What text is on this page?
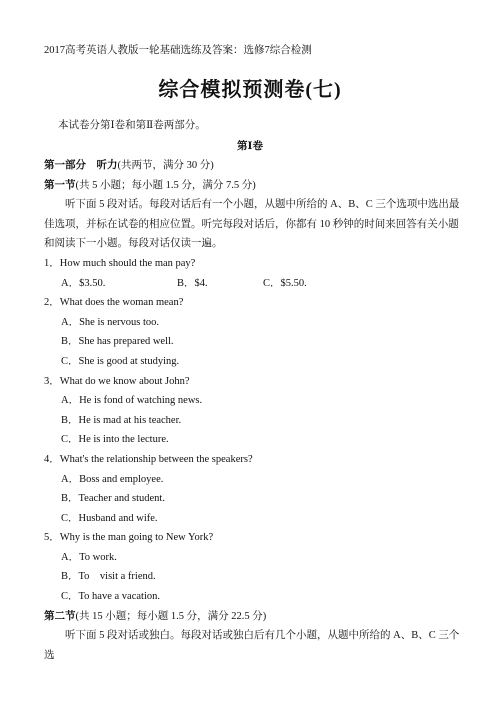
2017高考英语人教版一轮基础选练及答案：选修7综合检测
综合模拟预测卷(七)
本试卷分第Ⅰ卷和第Ⅱ卷两部分。
第Ⅰ卷
第一部分　听力(共两节，满分 30 分)
第一节(共 5 小题；每小题 1.5 分，满分 7.5 分)
听下面 5 段对话。每段对话后有一个小题，从题中所给的 A、B、C 三个选项中选出最佳选项，并标在试卷的相应位置。听完每段对话后，你都有 10 秒钟的时间来回答有关小题和阅读下一小题。每段对话仅读一遍。
1．How much should the man pay?
A．$3.50.	B．$4.	C．$5.50.
2．What does the woman mean?
A．She is nervous too.
B．She has prepared well.
C．She is good at studying.
3．What do we know about John?
A．He is fond of watching news.
B．He is mad at his teacher.
C．He is into the lecture.
4．What's the relationship between the speakers?
A．Boss and employee.
B．Teacher and student.
C．Husband and wife.
5．Why is the man going to New York?
A．To work.
B．To　visit a friend.
C．To have a vacation.
第二节(共 15 小题；每小题 1.5 分，满分 22.5 分)
听下面 5 段对话或独白。每段对话或独白后有几个小题，从题中所给的 A、B、C 三个选
